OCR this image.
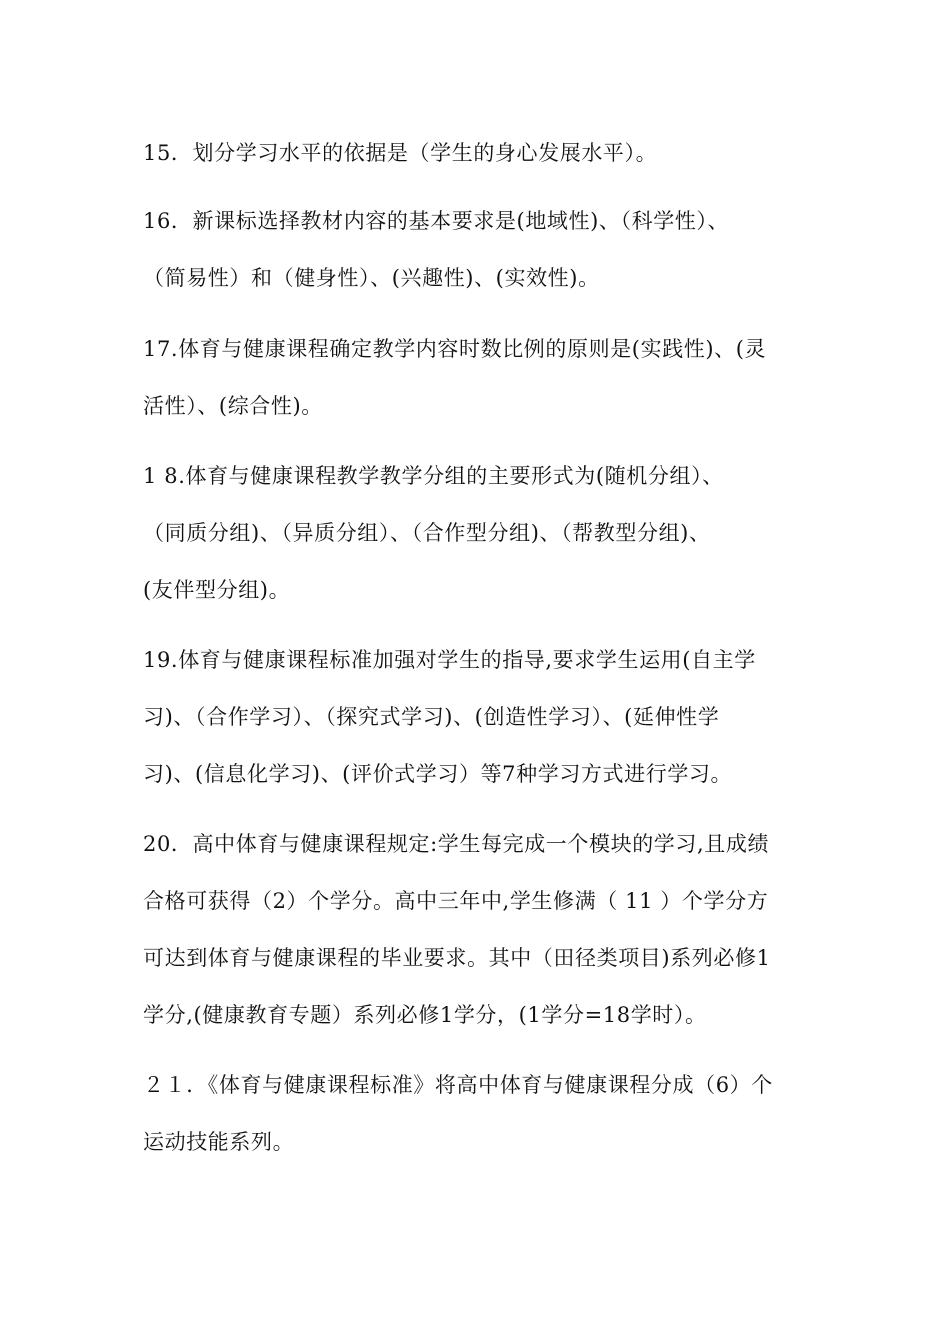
15．划分学习水平的依据是（学生的身心发展水平）。
16．新课标选择教材内容的基本要求是(地域性)、（科学性）、
（简易性）和（健身性）、(兴趣性)、(实效性)。
17.体育与健康课程确定教学内容时数比例的原则是(实践性)、(灵
活性）、(综合性)。
1 8.体育与健康课程教学教学分组的主要形式为(随机分组）、
（同质分组)、（异质分组）、（合作型分组)、（帮教型分组)、
(友伴型分组)。
19.体育与健康课程标准加强对学生的指导,要求学生运用(自主学
习)、（合作学习）、（探究式学习)、(创造性学习）、(延伸性学
习)、(信息化学习)、(评价式学习）等7种学习方式进行学习。
20．高中体育与健康课程规定:学生每完成一个模块的学习,且成绩
合格可获得（2）个学分。高中三年中,学生修满（ 11 ）个学分方
可达到体育与健康课程的毕业要求。其中（田径类项目)系列必修1
学分,(健康教育专题）系列必修1学分，(1学分=18学时）。
２１．《体育与健康课程标准》将高中体育与健康课程分成（6）个
运动技能系列。
